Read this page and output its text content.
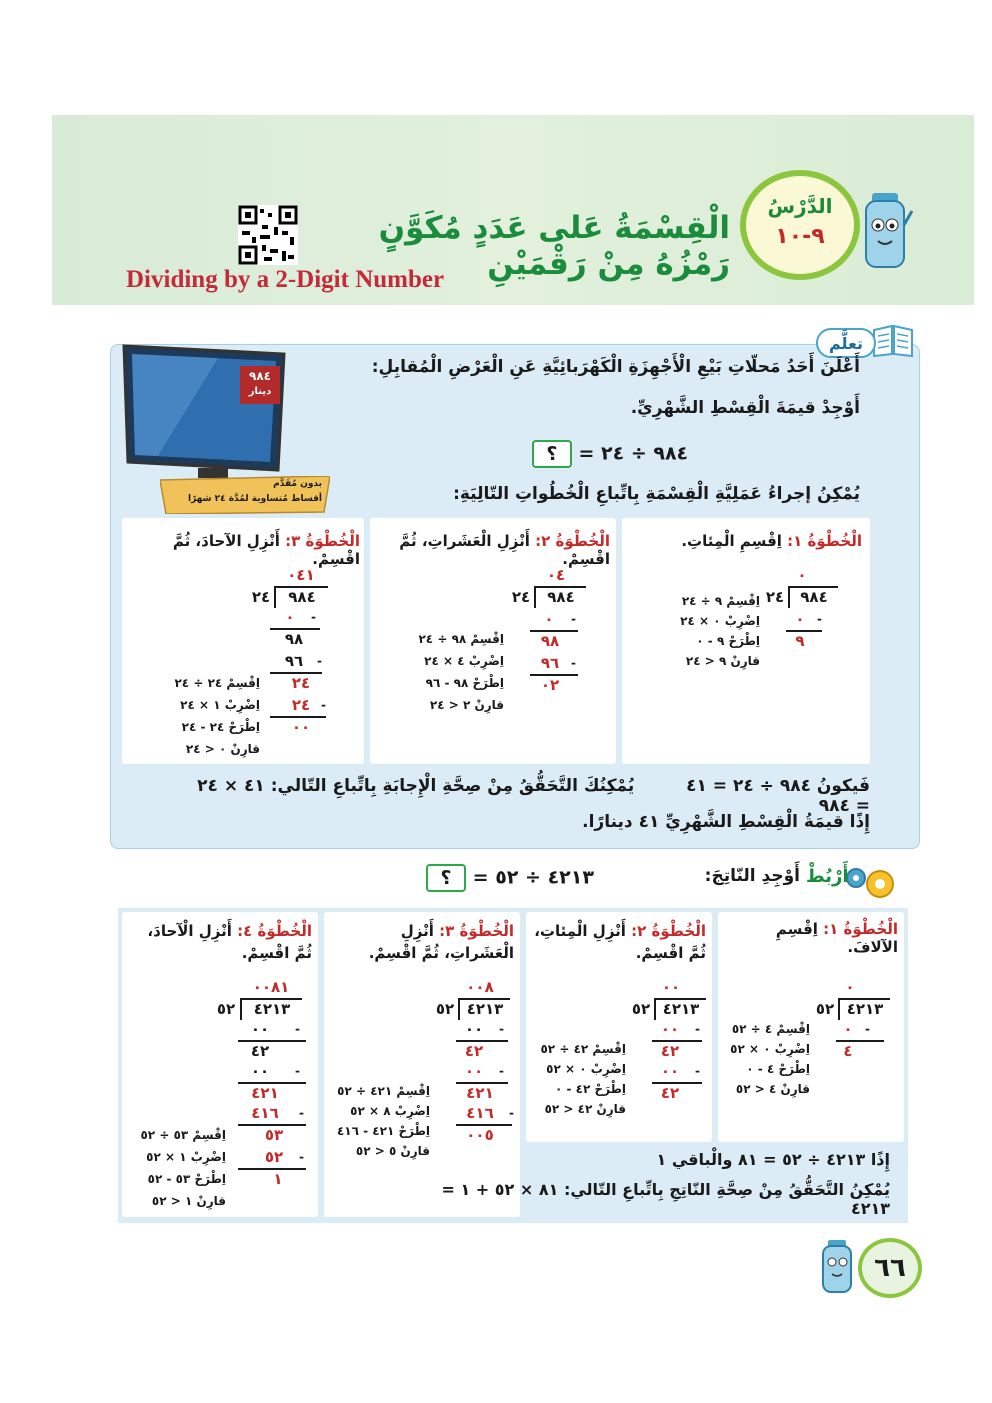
الدَّرْسُ
٩-١٠
الْقِسْمَةُ عَلى عَدَدٍ مُكَوَّنٍ رَمْزُهُ مِنْ رَقْمَيْنِ
Dividing by a 2-Digit Number
تعلَّم
٩٨٤
دينار
بدون مُقَدَّم
أقساط مُتساوية لمُدَّة ٢٤ شهرًا
أَعْلَنَ أَحَدُ مَحلّاتِ بَيْعِ الْأَجْهِزَةِ الْكَهْرَبائِيَّةِ عَنِ الْعَرْضِ الْمُقابِلِ:
أَوْجِدْ قيمَةَ الْقِسْطِ الشَّهْرِيِّ.
٩٨٤ ÷ ٢٤ = ؟
يُمْكِنُ إجراءُ عَمَلِيَّةِ الْقِسْمَةِ بِاتِّباعِ الْخُطُواتِ التّالِيَةِ:
الْخُطْوَةُ ١: اِقْسِمِ الْمِئاتِ.
٠
٩٨٤
٢٤
٠	-
٩
اِقْسِمْ ٩ ÷ ٢٤
اِضْرِبْ ٠ × ٢٤
اِطْرَحْ ٩ - ٠
قارِنْ ٩ < ٢٤
الْخُطْوَةُ ٢: أَنْزِلِ الْعَشَراتِ، ثُمَّ اقْسِمْ.
٠٤
٩٨٤
٢٤
٠	-
٩٨
٩٦ -
٠٢
اِقْسِمْ ٩٨ ÷ ٢٤
اِضْرِبْ ٤ × ٢٤
اِطْرَحْ ٩٨ - ٩٦
قارِنْ ٢ < ٢٤
الْخُطْوَةُ ٣: أَنْزِلِ الآحادَ، ثُمَّ اقْسِمْ.
٠٤١
٩٨٤
٢٤
٠	-
٩٨
٩٦	-
٢٤
٢٤ -
٠٠
اِقْسِمْ ٢٤ ÷ ٢٤
اِضْرِبْ ١ × ٢٤
اِطْرَحْ ٢٤ - ٢٤
قارِنْ ٠ < ٢٤
فَيكونُ ٩٨٤ ÷ ٢٤ = ٤١  يُمْكِنُكَ التَّحَقُّقُ مِنْ صِحَّةِ الْإِجابَةِ بِاتِّباعِ التّالي: ٤١ × ٢٤ = ٩٨٤
إِذًا قيمَةُ الْقِسْطِ الشَّهْرِيِّ ٤١ دينارًا.
أَرْبُطْ
أَوْجِدِ النّاتِجَ:
٤٢١٣ ÷ ٥٢ = ؟
الْخُطْوَةُ ١: اِقْسِمِ الآلافَ.
٠
٤٢١٣
٥٢
٠	-
٤
اِقْسِمْ ٤ ÷ ٥٢
اِضْرِبْ ٠ × ٥٢
اِطْرَحْ ٤ - ٠
قارِنْ ٤ < ٥٢
الْخُطْوَةُ ٢: أَنْزِلِ الْمِئاتِ، ثُمَّ اقْسِمْ.
٠٠
٤٢١٣
٥٢
٠٠	-
٤٢
٠٠	-
٤٢
اِقْسِمْ ٤٢ ÷ ٥٢
اِضْرِبْ ٠ × ٥٢
اِطْرَحْ ٤٢ - ٠
قارِنْ ٤٢ < ٥٢
الْخُطْوَةُ ٣: أَنْزِلِ الْعَشَراتِ، ثُمَّ اقْسِمْ.
٠٠٨
٤٢١٣
٥٢
٠٠	-
٤٢
٠٠	-
٤٢١
٤١٦	-
٠٠٥
اِقْسِمْ ٤٢١ ÷ ٥٢
اِضْرِبْ ٨ × ٥٢
اِطْرَحْ ٤٢١ - ٤١٦
قارِنْ ٥ < ٥٢
الْخُطْوَةُ ٤: أَنْزِلِ الْآحادَ، ثُمَّ اقْسِمْ.
٠٠٨١
٤٢١٣
٥٢
٠٠	-
٤٢
٠٠	-
٤٢١
٤١٦	-
٥٣
٥٢	-
١
اِقْسِمْ ٥٣ ÷ ٥٢
اِضْرِبْ ١ × ٥٢
اِطْرَحْ ٥٣ - ٥٢
قارِنْ ١ < ٥٢
إِذًا ٤٢١٣ ÷ ٥٢ = ٨١ والْباقي ١
يُمْكِنُ التَّحَقُّقُ مِنْ صِحَّةِ النّاتِجِ بِاتِّباعِ التّالي: ٨١ × ٥٢ + ١ = ٤٢١٣
٦٦
